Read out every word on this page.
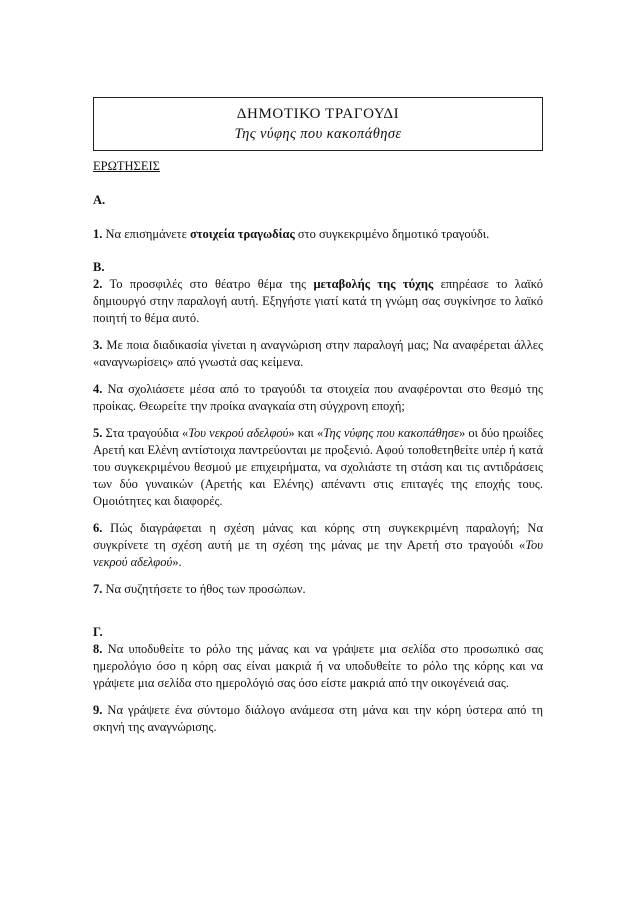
ΔΗΜΟΤΙΚΟ ΤΡΑΓΟΥΔΙ
Της νύφης που κακοπάθησε
ΕΡΩΤΗΣΕΙΣ
Α.

1. Να επισημάνετε στοιχεία τραγωδίας στο συγκεκριμένο δημοτικό τραγούδι.

Β.

2. Το προσφιλές στο θέατρο θέμα της μεταβολής της τύχης επηρέασε το λαϊκό δημιουργό στην παραλογή αυτή. Εξηγήστε γιατί κατά τη γνώμη σας συγκίνησε το λαϊκό ποιητή το θέμα αυτό.

3. Με ποια διαδικασία γίνεται η αναγνώριση στην παραλογή μας; Να αναφέρεται άλλες «αναγνωρίσεις» από γνωστά σας κείμενα.

4. Να σχολιάσετε μέσα από το τραγούδι τα στοιχεία που αναφέρονται στο θεσμό της προίκας. Θεωρείτε την προίκα αναγκαία στη σύγχρονη εποχή;

5. Στα τραγούδια «Του νεκρού αδελφού» και «Της νύφης που κακοπάθησε» οι δύο ηρωίδες Αρετή και Ελένη αντίστοιχα παντρεύονται με προξενιό. Αφού τοποθετηθείτε υπέρ ή κατά του συγκεκριμένου θεσμού με επιχειρήματα, να σχολιάστε τη στάση και τις αντιδράσεις των δύο γυναικών (Αρετής και Ελένης) απέναντι στις επιταγές της εποχής τους. Ομοιότητες και διαφορές.

6. Πώς διαγράφεται η σχέση μάνας και κόρης στη συγκεκριμένη παραλογή; Να συγκρίνετε τη σχέση αυτή με τη σχέση της μάνας με την Αρετή στο τραγούδι «Του νεκρού αδελφού».

7. Να συζητήσετε το ήθος των προσώπων.

Γ.

8. Να υποδυθείτε το ρόλο της μάνας και να γράψετε μια σελίδα στο προσωπικό σας ημερολόγιο όσο η κόρη σας είναι μακριά ή να υποδυθείτε το ρόλο της κόρης και να γράψετε μια σελίδα στο ημερολόγιό σας όσο είστε μακριά από την οικογένειά σας.

9. Να γράψετε ένα σύντομο διάλογο ανάμεσα στη μάνα και την κόρη ύστερα από τη σκηνή της αναγνώρισης.
